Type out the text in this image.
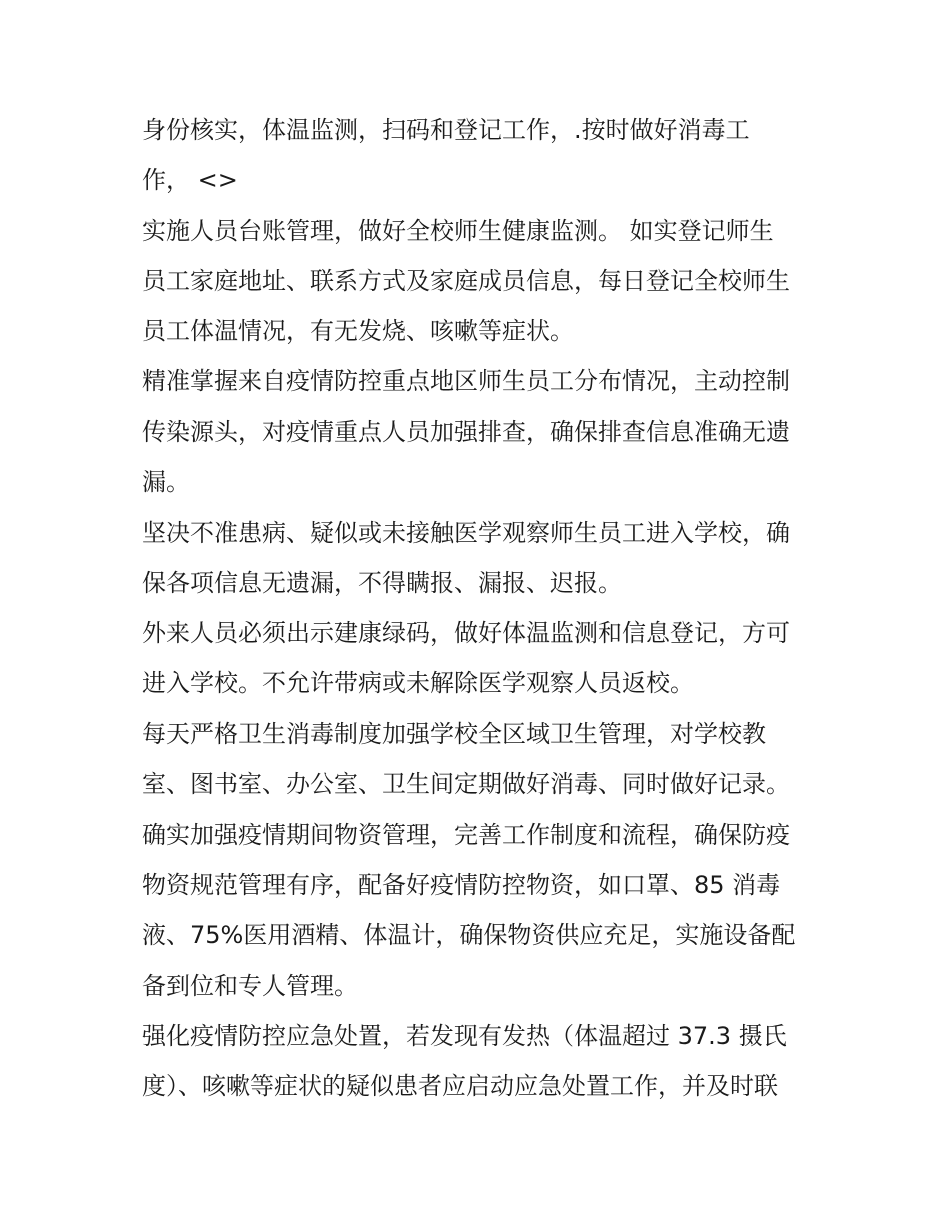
身份核实，体温监测，扫码和登记工作，.按时做好消毒工
作， <>
实施人员台账管理，做好全校师生健康监测。 如实登记师生
员工家庭地址、联系方式及家庭成员信息，每日登记全校师生
员工体温情况，有无发烧、咳嗽等症状。
精准掌握来自疫情防控重点地区师生员工分布情况，主动控制
传染源头，对疫情重点人员加强排查，确保排查信息准确无遗
漏。
坚决不准患病、疑似或未接触医学观察师生员工进入学校，确
保各项信息无遗漏，不得瞒报、漏报、迟报。
外来人员必须出示建康绿码，做好体温监测和信息登记，方可
进入学校。不允许带病或未解除医学观察人员返校。
每天严格卫生消毒制度加强学校全区域卫生管理，对学校教
室、图书室、办公室、卫生间定期做好消毒、同时做好记录。
确实加强疫情期间物资管理，完善工作制度和流程，确保防疫
物资规范管理有序，配备好疫情防控物资，如口罩、85 消毒
液、75%医用酒精、体温计，确保物资供应充足，实施设备配
备到位和专人管理。
强化疫情防控应急处置，若发现有发热（体温超过 37.3 摄氏
度）、咳嗽等症状的疑似患者应启动应急处置工作，并及时联
